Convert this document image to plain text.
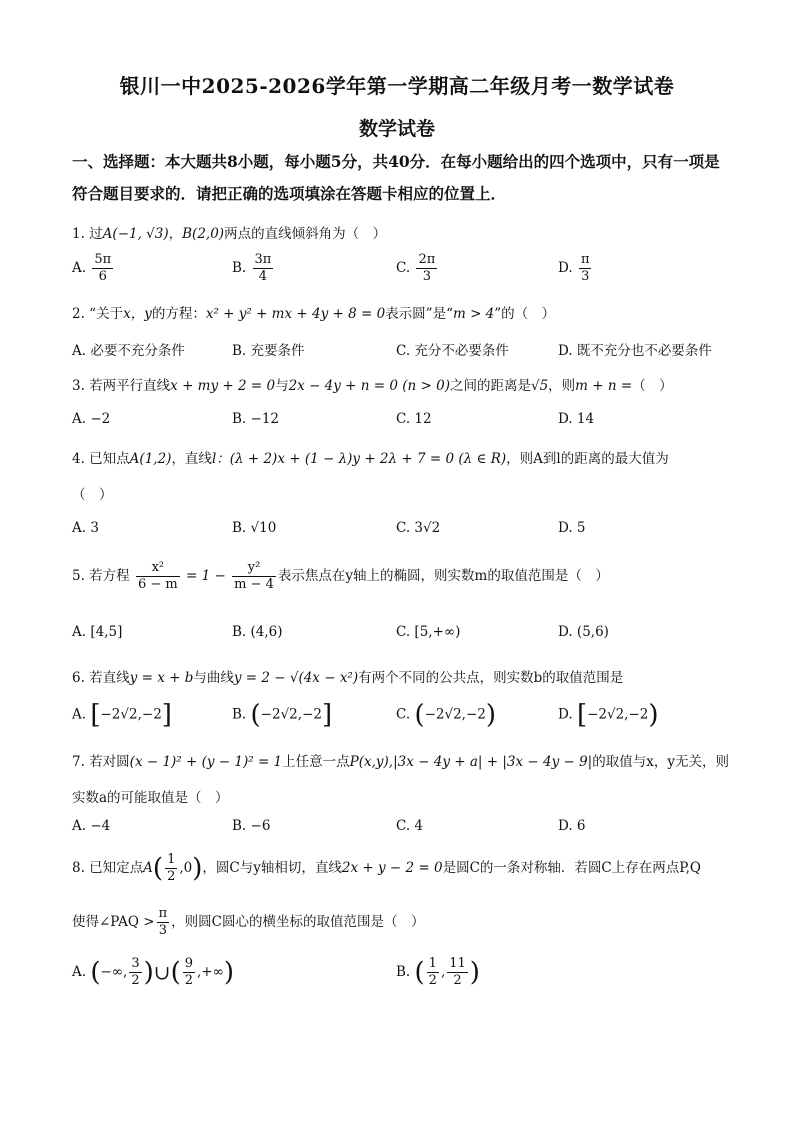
银川一中2025-2026学年第一学期高二年级月考一数学试卷
数学试卷
一、选择题：本大题共8小题，每小题5分，共40分．在每小题给出的四个选项中，只有一项是符合题目要求的．请把正确的选项填涂在答题卡相应的位置上．
1. 过A(−1, √3)，B(2,0)两点的直线倾斜角为（　）
A. $\frac{5\pi}{6}$	B. $\frac{3\pi}{4}$	C. $\frac{2\pi}{3}$	D. $\frac{\pi}{3}$
2. “关于x，y的方程：x² + y² + mx + 4y + 8 = 0表示圆”是“m > 4”的（　）
A. 必要不充分条件	B. 充要条件	C. 充分不必要条件	D. 既不充分也不必要条件
3. 若两平行直线x + my + 2 = 0与2x − 4y + n = 0 (n > 0)之间的距离是√5，则m + n =（　）
A. −2	B. −12	C. 12	D. 14
4. 已知点A(1,2)，直线l：(λ + 2)x + (1 − λ)y + 2λ + 7 = 0 (λ ∈ R)，则A到l的距离的最大值为
（　）
A. 3	B. √10	C. 3√2	D. 5
5. 若方程 $\frac{\text{x²}}{6 - m} = 1 - \frac{\text{y²}}{m - 4}$ 表示焦点在y轴上的椭圆，则实数m的取值范围是（　）
A. [4,5]	B. (4,6)	C. [5,+∞)	D. (5,6)
6. 若直线y = x + b与曲线y = 2 − √(4x − x²)有两个不同的公共点，则实数b的取值范围是
A. [−2√2,−2]	B. (−2√2,−2]	C. (−2√2,−2)	D. [−2√2,−2)
7. 若对圆(x − 1)² + (y − 1)² = 1上任意一点P(x,y),|3x − 4y + a| + |3x − 4y − 9|的取值与x，y无关，则
实数a的可能取值是（　）
A. −4	B. −6	C. 4	D. 6
8. 已知定点$A( \frac{1}{2} ,0)$，圆C与y轴相切，直线2x + y − 2 = 0是圆C的一条对称轴．若圆C上存在两点P,Q
使得∠PAQ > $\frac{\pi}{3}$ ，则圆C圆心的横坐标的取值范围是（　）
A. (−∞, $\frac{3}{2}$ )∪( $\frac{9}{2}$ ,+∞)	B. ( $\frac{1}{2}$ , $\frac{11}{2}$ )
